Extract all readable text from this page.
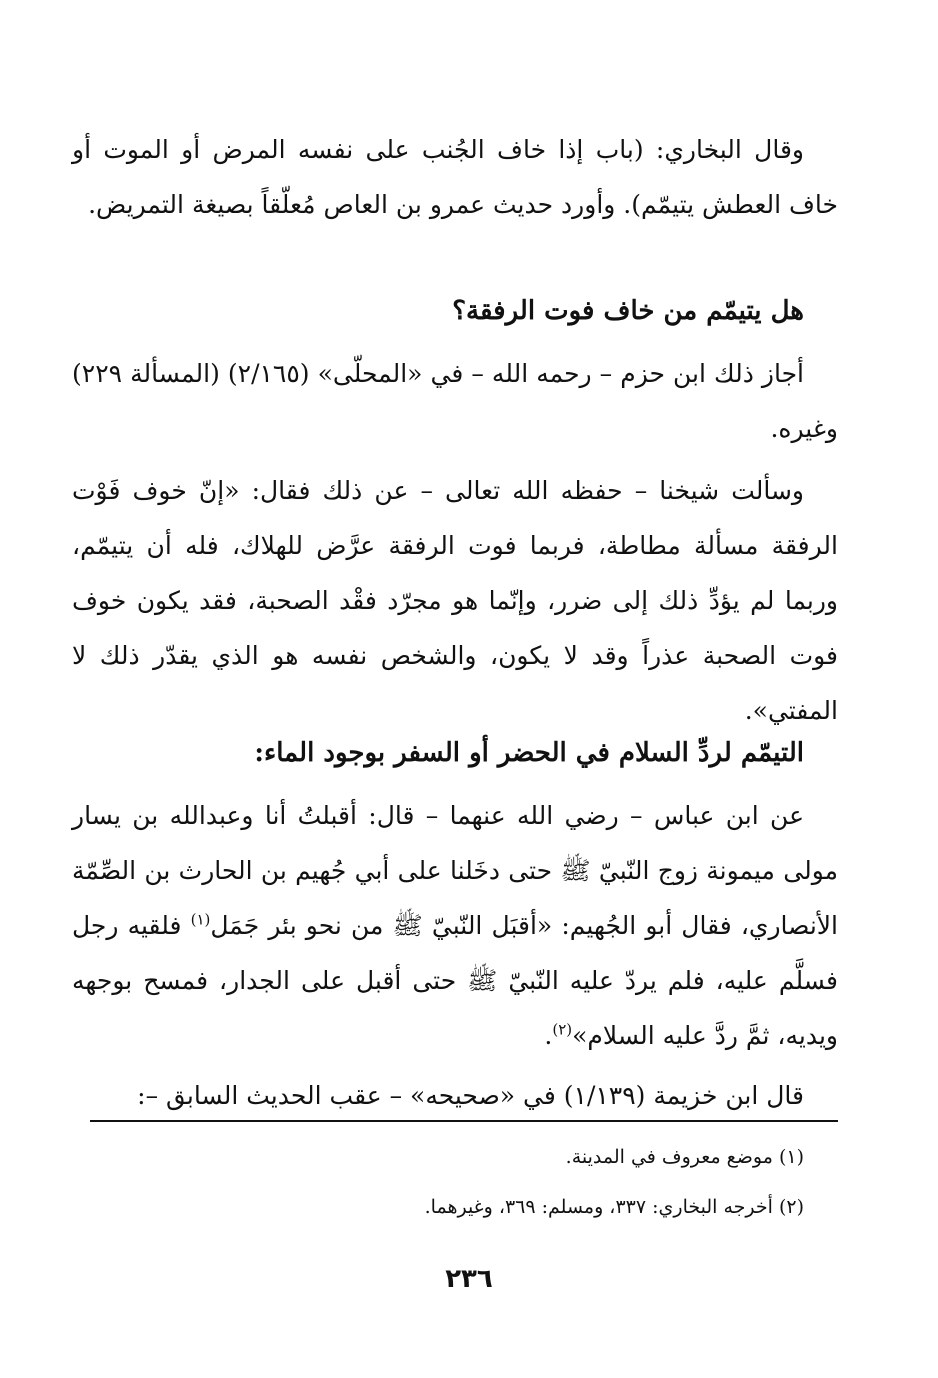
وقال البخاري: (باب إذا خاف الجُنب على نفسه المرض أو الموت أو خاف العطش يتيمّم). وأورد حديث عمرو بن العاص مُعلّقاً بصيغة التمريض.

هل يتيمّم من خاف فوت الرفقة؟

أجاز ذلك ابن حزم – رحمه الله – في «المحلّى» (٢/١٦٥) (المسألة ٢٢٩) وغيره.

وسألت شيخنا – حفظه الله تعالى – عن ذلك فقال: «إنّ خوف فَوْت الرفقة مسألة مطاطة، فربما فوت الرفقة عرَّض للهلاك، فله أن يتيمّم، وربما لم يؤدِّ ذلك إلى ضرر، وإنّما هو مجرّد فقْد الصحبة، فقد يكون خوف فوت الصحبة عذراً وقد لا يكون، والشخص نفسه هو الذي يقدّر ذلك لا المفتي».

التيمّم لردِّ السلام في الحضر أو السفر بوجود الماء:

عن ابن عباس – رضي الله عنهما – قال: أقبلتُ أنا وعبدالله بن يسار مولى ميمونة زوج النّبيّ ﷺ حتى دخَلنا على أبي جُهيم بن الحارث بن الصِّمّة الأنصاري، فقال أبو الجُهيم: «أقبَل النّبيّ ﷺ من نحو بئر جَمَل$^{(١)}$ فلقيه رجل فسلَّم عليه، فلم يردّ عليه النّبيّ ﷺ حتى أقبل على الجدار، فمسح بوجهه ويديه، ثمَّ ردَّ عليه السلام»$^{(٢)}$.

قال ابن خزيمة (١/١٣٩) في «صحيحه» – عقب الحديث السابق –:

(١) موضع معروف في المدينة.
(٢) أخرجه البخاري: ٣٣٧، ومسلم: ٣٦٩، وغيرهما.
٢٣٦
